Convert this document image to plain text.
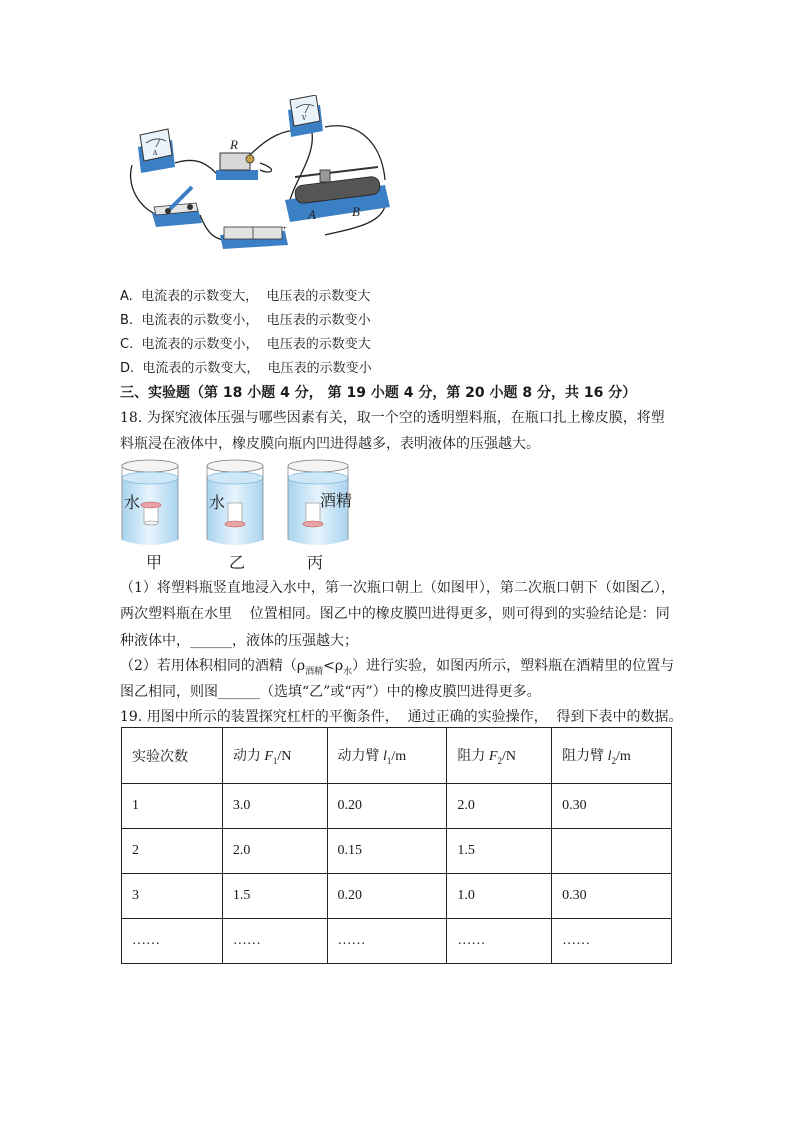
A
V
R
+
A	B
A. 电流表的示数变大，  电压表的示数变大
B. 电流表的示数变小，  电压表的示数变小
C. 电流表的示数变小，  电压表的示数变大
D. 电流表的示数变大，  电压表的示数变小
三、实验题（第 18 小题 4 分， 第 19 小题 4 分，第 20 小题 8 分，共 16 分）
18. 为探究液体压强与哪些因素有关，取一个空的透明塑料瓶，在瓶口扎上橡皮膜，将塑
料瓶浸在液体中，橡皮膜向瓶内凹进得越多，表明液体的压强越大。
水	水	酒精
甲	乙	丙
（1）将塑料瓶竖直地浸入水中，第一次瓶口朝上（如图甲），第二次瓶口朝下（如图乙），
两次塑料瓶在水里    位置相同。图乙中的橡皮膜凹进得更多，则可得到的实验结论是：同
种液体中，______，液体的压强越大；
（2）若用体积相同的酒精$(\rho_{酒精}<\rho_水)$进行实验，如图丙所示，塑料瓶在酒精里的位置与
图乙相同，则图______（选填“乙”或“丙”）中的橡皮膜凹进得更多。
19. 用图中所示的装置探究杠杆的平衡条件，  通过正确的实验操作，  得到下表中的数据。
实验次数	动力 $F_1/N$	动力臂 $l_1/m$	阻力 $F_2/N$	阻力臂 $l_2/m$
1	3.0	0.20	2.0	0.30
2	2.0	0.15	1.5	
3	1.5	0.20	1.0	0.30
……	……	……	……	……
